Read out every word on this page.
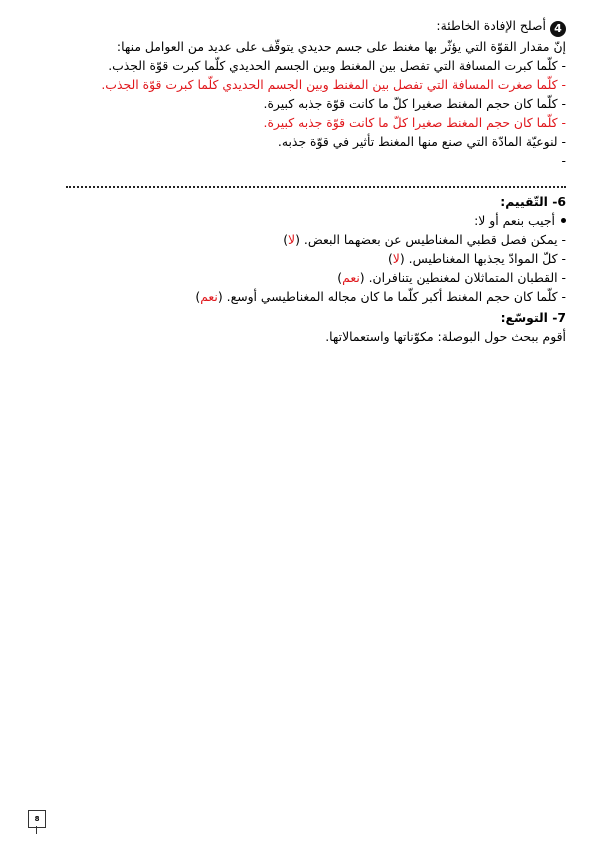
4أصلح الإفادة الخاطئة:
إنّ مقدار القوّة التي يؤثّر بها مغنط على جسم حديدي يتوقّف على عديد من العوامل منها:
- كلّما كبرت المسافة التي تفصل بين المغنط وبين الجسم الحديدي كلّما كبرت قوّة الجذب.
- كلّما صغرت المسافة التي تفصل بين المغنط وبين الجسم الحديدي كلّما كبرت قوّة الجذب.
- كلّما كان حجم المغنط صغيرا كلّ ما كانت قوّة جذبه كبيرة.
- كلّما كان حجم المغنط صغيرا كلّ ما كانت قوّة جذبه كبيرة.
- لنوعيّة المادّة التي صنع منها المغنط تأثير في قوّة جذبه.
-
6- التّقييم:
أجيب بنعم أو لا:
- يمكن فصل قطبي المغناطيس عن بعضهما البعض. (لا)
- كلّ الموادّ يجذبها المغناطيس. (لا)
- القطبان المتماثلان لمغنطين يتنافران. (نعم)
- كلّما كان حجم المغنط أكبر كلّما ما كان مجاله المغناطيسي أوسع. (نعم)
7- التوسّع:
أقوم ببحث حول البوصلة: مكوّناتها واستعمالاتها.
8
